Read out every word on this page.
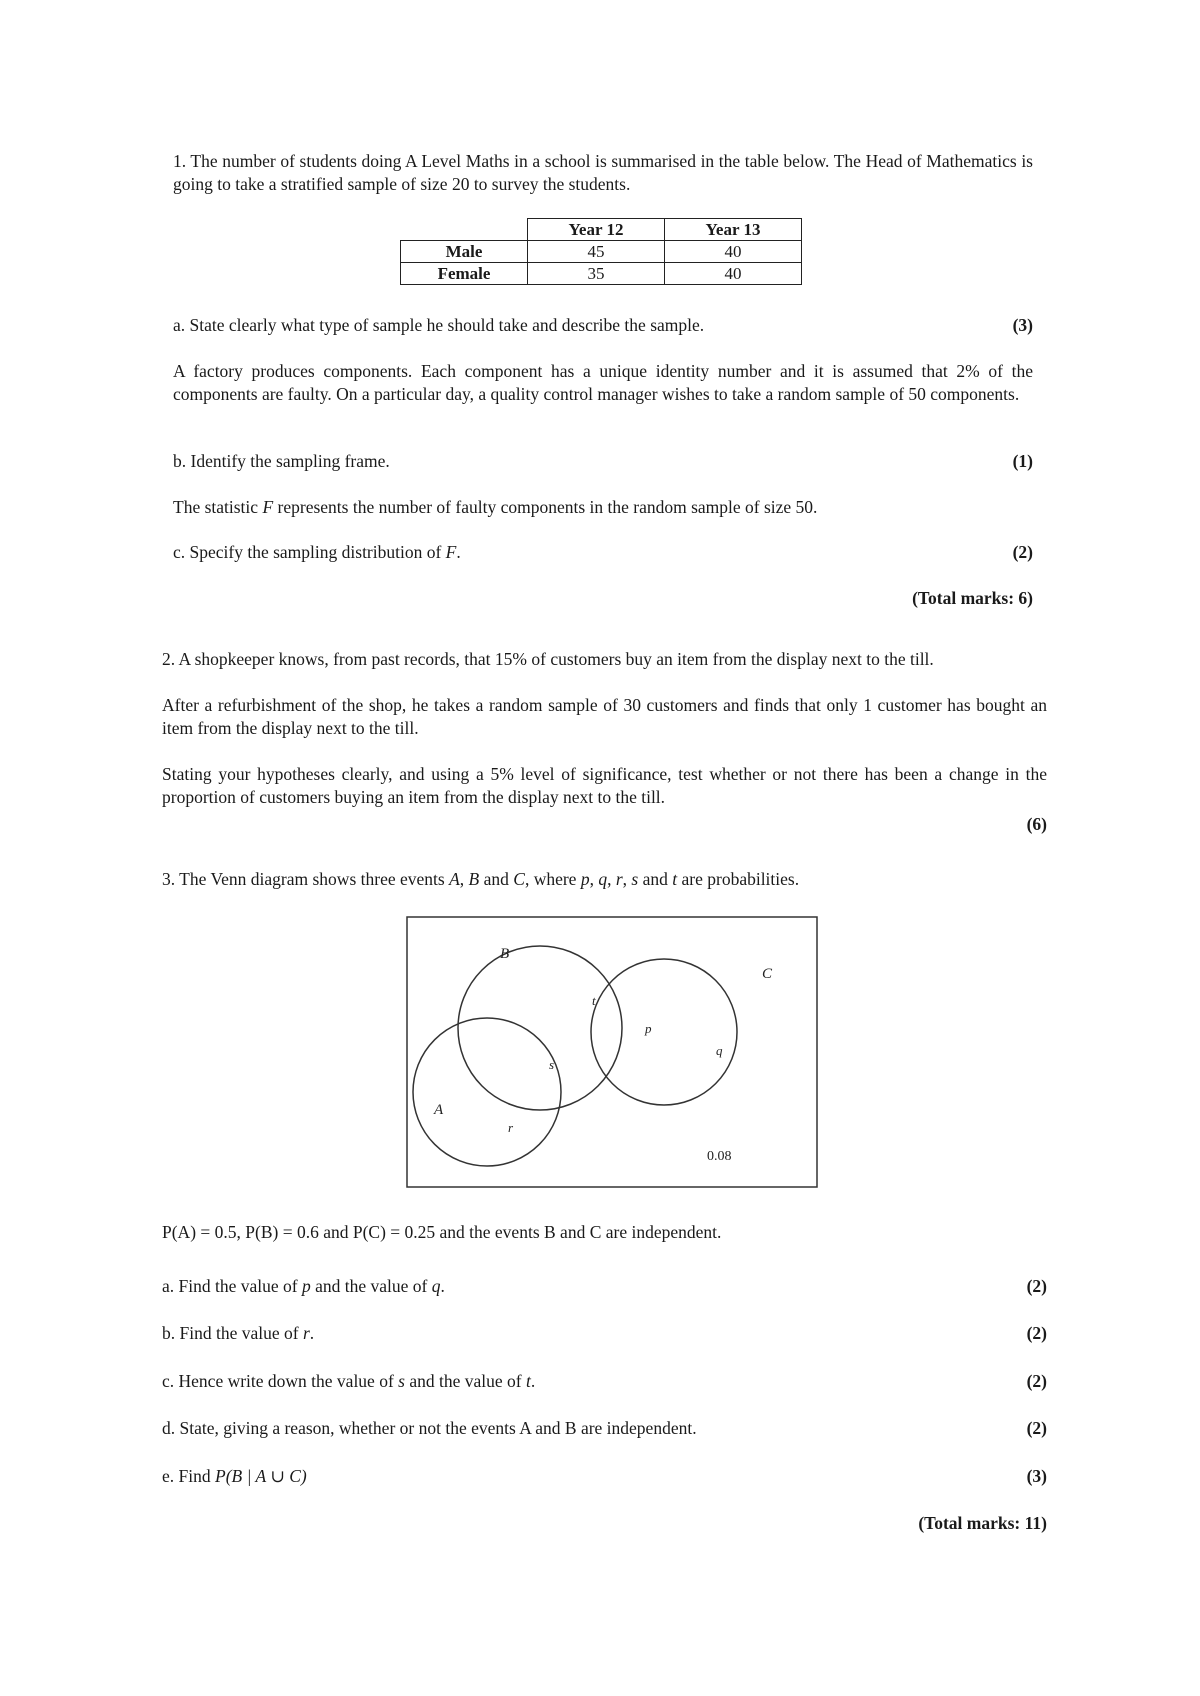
1. The number of students doing A Level Maths in a school is summarised in the table below. The Head of Mathematics is going to take a stratified sample of size 20 to survey the students.

	Year 12	Year 13
Male	45	40
Female	35	40
a. State clearly what type of sample he should take and describe the sample.	(3)

A factory produces components. Each component has a unique identity number and it is assumed that 2% of the components are faulty. On a particular day, a quality control manager wishes to take a random sample of 50 components.

b. Identify the sampling frame.	(1)

The statistic F represents the number of faulty components in the random sample of size 50.

c. Specify the sampling distribution of F.	(2)
(Total marks: 6)

2. A shopkeeper knows, from past records, that 15% of customers buy an item from the display next to the till.

After a refurbishment of the shop, he takes a random sample of 30 customers and finds that only 1 customer has bought an item from the display next to the till.

Stating your hypotheses clearly, and using a 5% level of significance, test whether or not there has been a change in the proportion of customers buying an item from the display next to the till.

(6)

3. The Venn diagram shows three events A, B and C, where p, q, r, s and t are probabilities.

B
C
A
t
p
q
s
r
0.08

P(A) = 0.5, P(B) = 0.6 and P(C) = 0.25 and the events B and C are independent.

a. Find the value of p and the value of q.	(2)
b. Find the value of r.	(2)
c. Hence write down the value of s and the value of t.	(2)
d. State, giving a reason, whether or not the events A and B are independent.	(2)
e. Find P(B | A ∪ C)	(3)
(Total marks: 11)
